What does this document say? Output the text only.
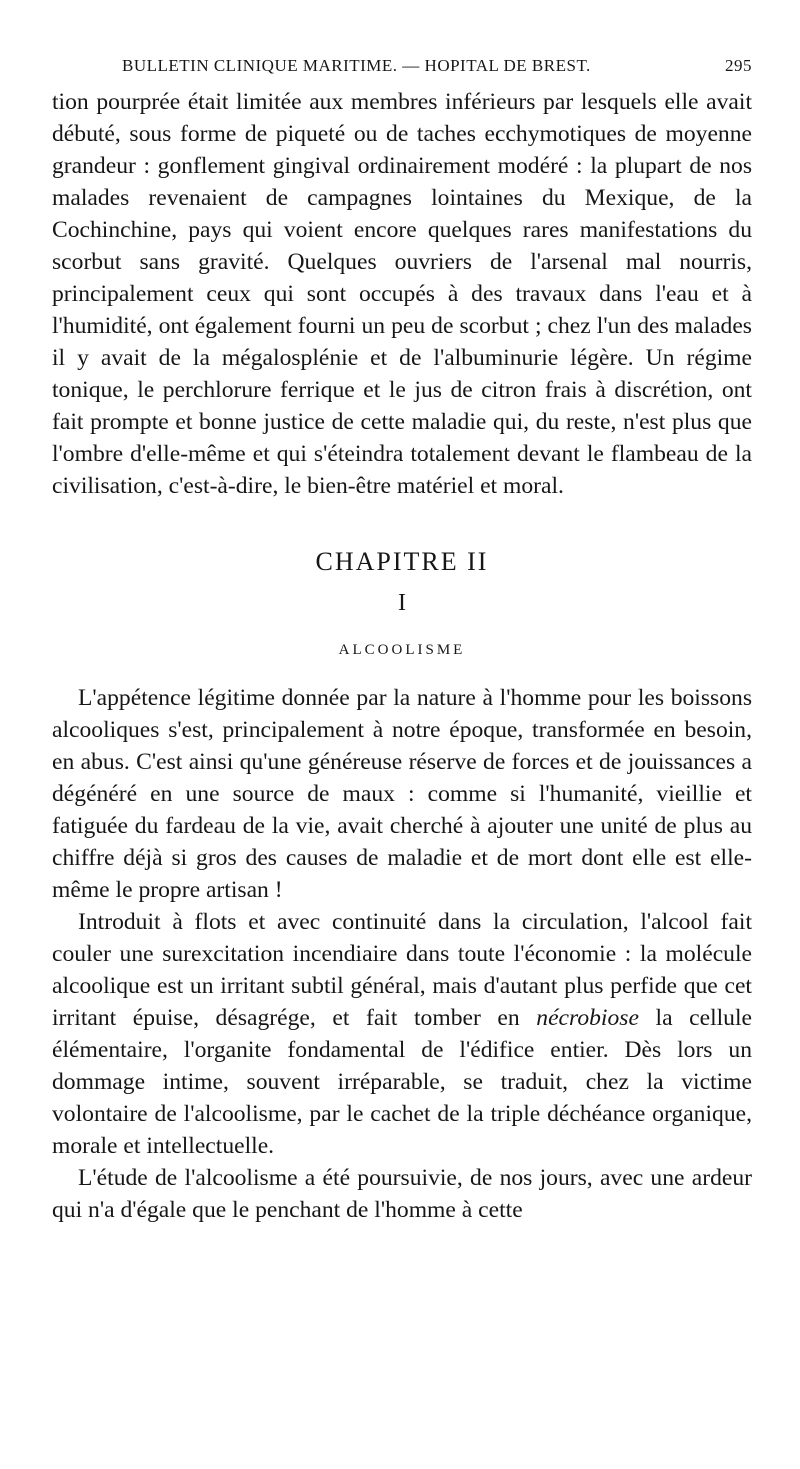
BULLETIN CLINIQUE MARITIME. — HOPITAL DE BREST.	295

tion pourprée était limitée aux membres inférieurs par lesquels elle avait débuté, sous forme de piqueté ou de taches ecchymotiques de moyenne grandeur : gonflement gingival ordinairement modéré : la plupart de nos malades revenaient de campagnes lointaines du Mexique, de la Cochinchine, pays qui voient encore quelques rares manifestations du scorbut sans gravité. Quelques ouvriers de l'arsenal mal nourris, principalement ceux qui sont occupés à des travaux dans l'eau et à l'humidité, ont également fourni un peu de scorbut ; chez l'un des malades il y avait de la mégalosplénie et de l'albuminurie légère. Un régime tonique, le perchlorure ferrique et le jus de citron frais à discrétion, ont fait prompte et bonne justice de cette maladie qui, du reste, n'est plus que l'ombre d'elle-même et qui s'éteindra totalement devant le flambeau de la civilisation, c'est-à-dire, le bien-être matériel et moral.

CHAPITRE II
I
ALCOOLISME

L'appétence légitime donnée par la nature à l'homme pour les boissons alcooliques s'est, principalement à notre époque, transformée en besoin, en abus. C'est ainsi qu'une généreuse réserve de forces et de jouissances a dégénéré en une source de maux : comme si l'humanité, vieillie et fatiguée du fardeau de la vie, avait cherché à ajouter une unité de plus au chiffre déjà si gros des causes de maladie et de mort dont elle est elle-même le propre artisan !

Introduit à flots et avec continuité dans la circulation, l'alcool fait couler une surexcitation incendiaire dans toute l'économie : la molécule alcoolique est un irritant subtil général, mais d'autant plus perfide que cet irritant épuise, désagrége, et fait tomber en nécrobiose la cellule élémentaire, l'organite fondamental de l'édifice entier. Dès lors un dommage intime, souvent irréparable, se traduit, chez la victime volontaire de l'alcoolisme, par le cachet de la triple déchéance organique, morale et intellectuelle.

L'étude de l'alcoolisme a été poursuivie, de nos jours, avec une ardeur qui n'a d'égale que le penchant de l'homme à cette
